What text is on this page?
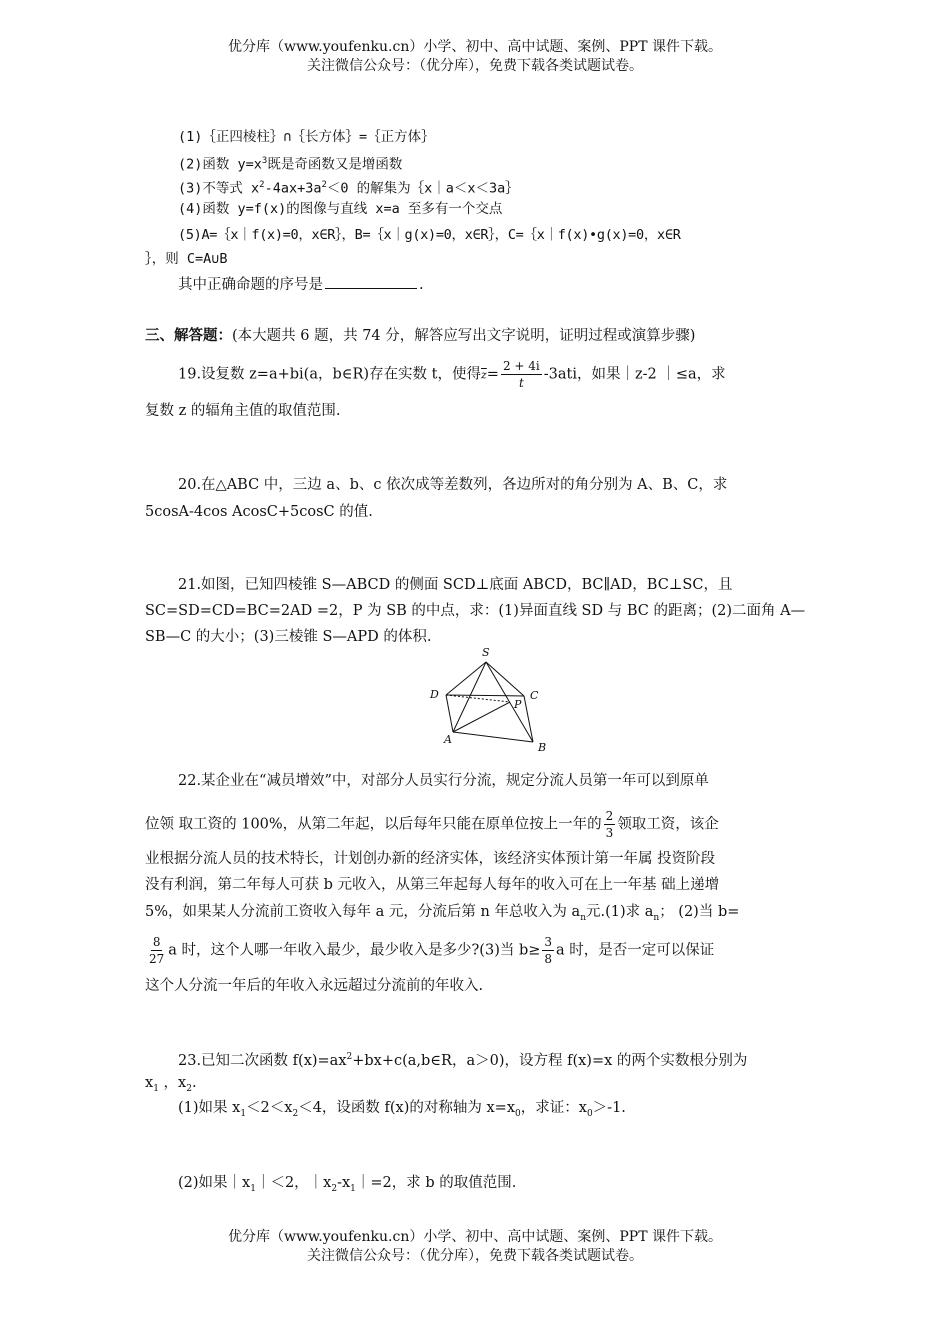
优分库（www.youfenku.cn）小学、初中、高中试题、案例、PPT 课件下载。
关注微信公众号：（优分库），免费下载各类试题试卷。
(1)｛正四棱柱｝∩｛长方体｝=｛正方体｝
(2)函数 $y=x^3$既是奇函数又是增函数
(3)不等式 $x^2-4ax+3a^2<0$ 的解集为｛x｜a＜x＜3a｝
(4)函数 y=f(x)的图像与直线 x=a 至多有一个交点
(5)A=｛x｜f(x)=0，x∈R｝，B=｛x｜g(x)=0，x∈R｝，C=｛x｜f(x)•g(x)=0，x∈R
｝，则 C=A∪B
其中正确命题的序号是	.
三、解答题：(本大题共 6 题，共 74 分，解答应写出文字说明，证明过程或演算步骤)
19.设复数 z=a+bi(a，b∈R)存在实数 t，使得$\overline{z}= \frac{2 + 4i}{t} -3ati$，如果｜z-2 ｜≤a，求
复数 z 的辐角主值的取值范围.
20.在△ABC 中，三边 a、b、c 依次成等差数列，各边所对的角分别为 A、B、C，求
5cosA-4cos AcosC+5cosC 的值.
21.如图，已知四棱锥 S—ABCD 的侧面 SCD⊥底面 ABCD，BC∥AD，BC⊥SC，且
SC=SD=CD=BC=2AD =2，P 为 SB 的中点，求：(1)异面直线 SD 与 BC 的距离；(2)二面角 A—
SB—C 的大小；(3)三棱锥 S—APD 的体积.
S
D	C
P
A
B
22.某企业在“减员增效”中，对部分人员实行分流，规定分流人员第一年可以到原单
位领 取工资的 100%，从第二年起，以后每年只能在原单位按上一年的 $\frac{2}{3}$ 领取工资，该企
业根据分流人员的技术特长，计划创办新的经济实体，该经济实体预计第一年属 投资阶段
没有利润，第二年每人可获 b 元收入，从第三年起每人每年的收入可在上一年基 础上递增
5%，如果某人分流前工资收入每年 a 元，分流后第 n 年总收入为 $a_n$元.(1)求 $a_n$； (2)当 b=
$\frac{8}{27}$ a 时，这个人哪一年收入最少，最少收入是多少?(3)当 $b\ge \frac{3}{8}$ a 时，是否一定可以保证
这个人分流一年后的年收入永远超过分流前的年收入.
23.已知二次函数 $f(x)=ax^2+bx+c(a,b\in R$，a＞0)，设方程 f(x)=x 的两个实数根分别为
$x_1$ ，$x_2$.
(1)如果 $x_1<2<x_2<4$，设函数 f(x)的对称轴为 $x=x_0$，求证：$x_0>-1$.
(2)如果$|x_1|<2$，$|x_2-x_1|=2$，求 b 的取值范围.
优分库（www.youfenku.cn）小学、初中、高中试题、案例、PPT 课件下载。
关注微信公众号：（优分库），免费下载各类试题试卷。
